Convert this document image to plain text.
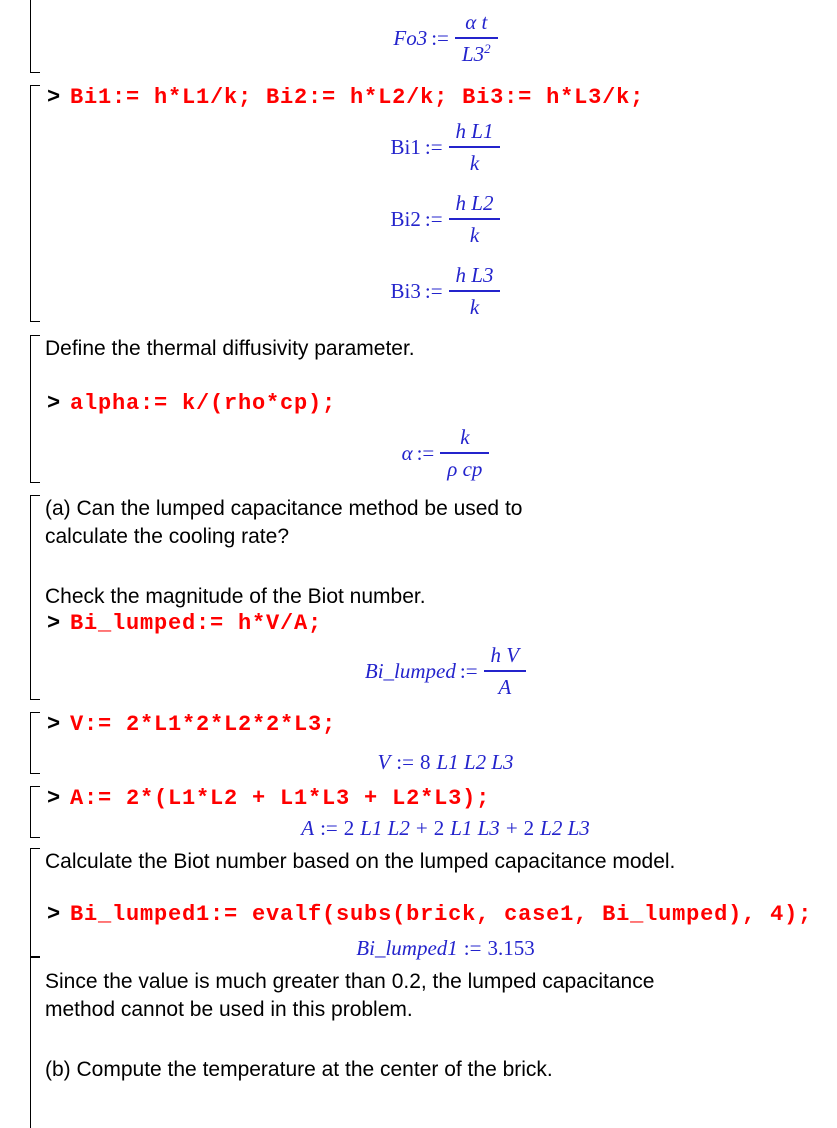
Fo3 := $\frac{\text{α t}}{L3^2}$
> Bi1:= h*L1/k; Bi2:= h*L2/k; Bi3:= h*L3/k;
Bi1 := $\frac{\text{h L1}}{k}$
Bi2 := $\frac{\text{h L2}}{k}$
Bi3 := $\frac{\text{h L3}}{k}$
Define the thermal diffusivity parameter.
> alpha:= k/(rho*cp);
α := $\frac{k}{\text{ρ cp}}$
(a) Can the lumped capacitance method be used to
calculate the cooling rate?
Check the magnitude of the Biot number.
> Bi_lumped:= h*V/A;
Bi_lumped := $\frac{\text{h V}}{A}$
> V:= 2*L1*2*L2*2*L3;
V := 8 L1 L2 L3
> A:= 2*(L1*L2 + L1*L3 + L2*L3);
A := 2 L1 L2 + 2 L1 L3 + 2 L2 L3
Calculate the Biot number based on the lumped capacitance model.
> Bi_lumped1:= evalf(subs(brick, case1, Bi_lumped), 4);
Bi_lumped1 := 3.153
Since the value is much greater than 0.2, the lumped capacitance
method cannot be used in this problem.
(b) Compute the temperature at the center of the brick.
